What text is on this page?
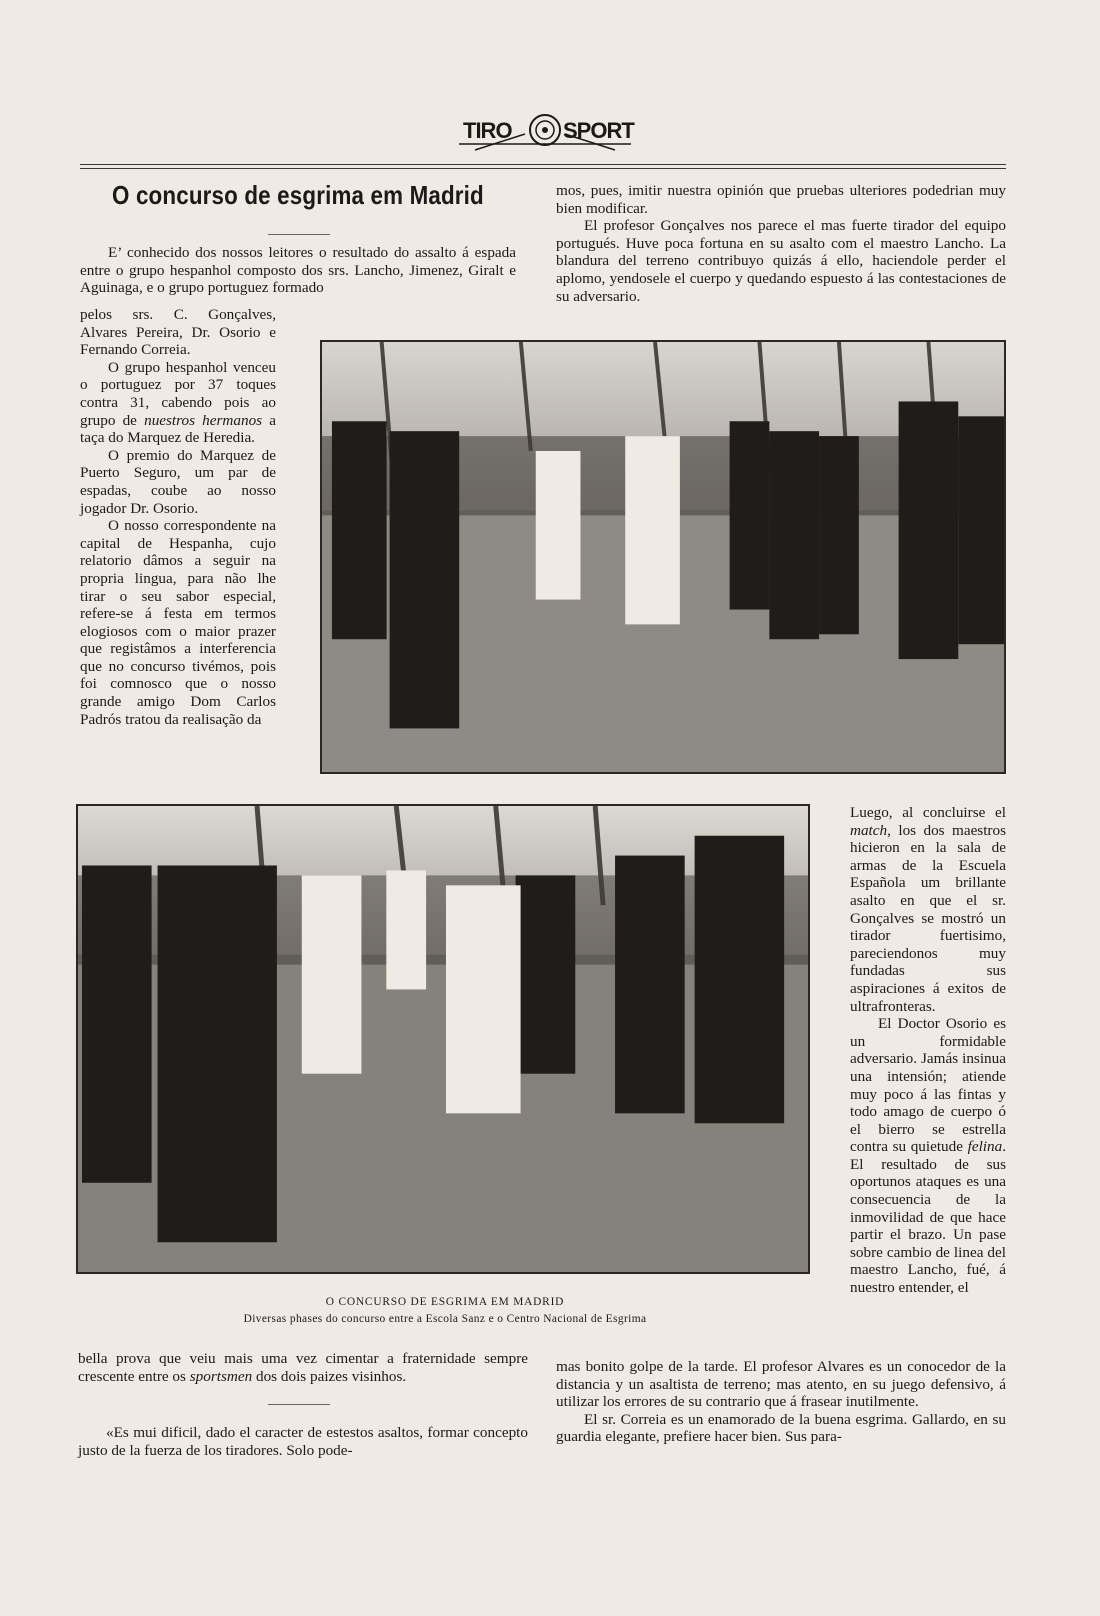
TIRO SPORT
O concurso de esgrima em Madrid

E’ conhecido dos nossos leitores o resultado do assalto á espada entre o grupo hespanhol composto dos srs. Lancho, Jimenez, Giralt e Aguinaga, e o grupo portuguez formado

mos, pues, imitir nuestra opinión que pruebas ulteriores podedrian muy bien modificar.

El profesor Gonçalves nos parece el mas fuerte tirador del equipo portugués. Huve poca fortuna en su asalto com el maestro Lancho. La blandura del terreno contribuyo quizás á ello, haciendole perder el aplomo, yendosele el cuerpo y quedando espuesto á las contestaciones de su adversario.

pelos srs. C. Gonçalves, Alvares Pereira, Dr. Osorio e Fernando Correia.

O grupo hespanhol venceu o portuguez por 37 toques contra 31, cabendo pois ao grupo de nuestros hermanos a taça do Marquez de Heredia.

O premio do Marquez de Puerto Seguro, um par de espadas, coube ao nosso jogador Dr. Osorio.

O nosso correspondente na capital de Hespanha, cujo relatorio dâmos a seguir na propria lingua, para não lhe tirar o seu sabor especial, refere-se á festa em termos elogiosos com o maior prazer que registâmos a interferencia que no concurso tivémos, pois foi comnosco que o nosso grande amigo Dom Carlos Padrós tratou da realisação da

Luego, al concluirse el match, los dos maestros hicieron en la sala de armas de la Escuela Española um brillante asalto en que el sr. Gonçalves se mostró un tirador fuertisimo, pareciendonos muy fundadas sus aspiraciones á exitos de ultrafronteras.

El Doctor Osorio es un formidable adversario. Jamás insinua una intensión; atiende muy poco á las fintas y todo amago de cuerpo ó el bierro se estrella contra su quietude felina. El resultado de sus oportunos ataques es una consecuencia de la inmovilidad de que hace partir el brazo. Un pase sobre cambio de linea del maestro Lancho, fué, á nuestro entender, el

O CONCURSO DE ESGRIMA EM MADRID
Diversas phases do concurso entre a Escola Sanz e o Centro Nacional de Esgrima

bella prova que veiu mais uma vez cimentar a fraternidade sempre crescente entre os sportsmen dos dois paizes visinhos.

«Es mui dificil, dado el caracter de estestos asaltos, formar concepto justo de la fuerza de los tiradores. Solo pode-

mas bonito golpe de la tarde. El profesor Alvares es un conocedor de la distancia y un asaltista de terreno; mas atento, en su juego defensivo, á utilizar los errores de su contrario que á frasear inutilmente.

El sr. Correia es un enamorado de la buena esgrima. Gallardo, en su guardia elegante, prefiere hacer bien. Sus para-
